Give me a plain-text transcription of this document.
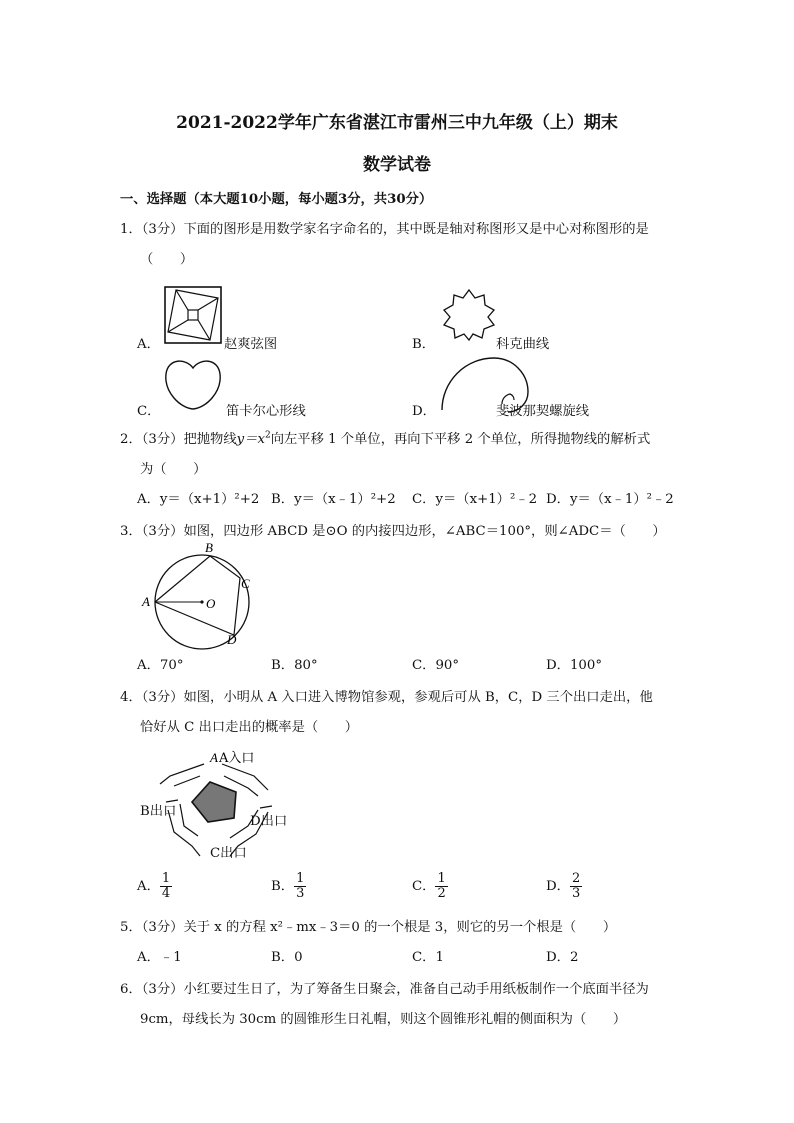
2021-2022学年广东省湛江市雷州三中九年级（上）期末
数学试卷
一、选择题（本大题10小题，每小题3分，共30分）
1．（3分）下面的图形是用数学家名字命名的，其中既是轴对称图形又是中心对称图形的是
（　　）
A．	赵爽弦图	B．	科克曲线
C．	笛卡尔心形线	D．	斐波那契螺旋线
2．（3分）把抛物线$y=x^2$向左平移 1 个单位，再向下平移 2 个单位，所得抛物线的解析式
为（　　）
A．y＝（x+1）²+2 B．y＝（x﹣1）²+2 C．y＝（x+1）²﹣2 D．y＝（x﹣1）²﹣2
3．（3分）如图，四边形 ABCD 是⊙O 的内接四边形，∠ABC＝100°，则∠ADC＝（　　）
A
B
C
D
O
A．70°	B．80°	C．90°	D．100°
4．（3分）如图，小明从 A 入口进入博物馆参观，参观后可从 B，C，D 三个出口走出，他
恰好从 C 出口走出的概率是（　　）
AA入口
B出口
D出口
C出口
A． $\frac{1}{4}$	B． $\frac{1}{3}$	C． $\frac{1}{2}$	D． $\frac{2}{3}$
5．（3分）关于 x 的方程 x²﹣mx﹣3＝0 的一个根是 3，则它的另一个根是（　　）
A．﹣1	B．0	C．1	D．2
6．（3分）小红要过生日了，为了筹备生日聚会，准备自己动手用纸板制作一个底面半径为
9cm，母线长为 30cm 的圆锥形生日礼帽，则这个圆锥形礼帽的侧面积为（　　）
